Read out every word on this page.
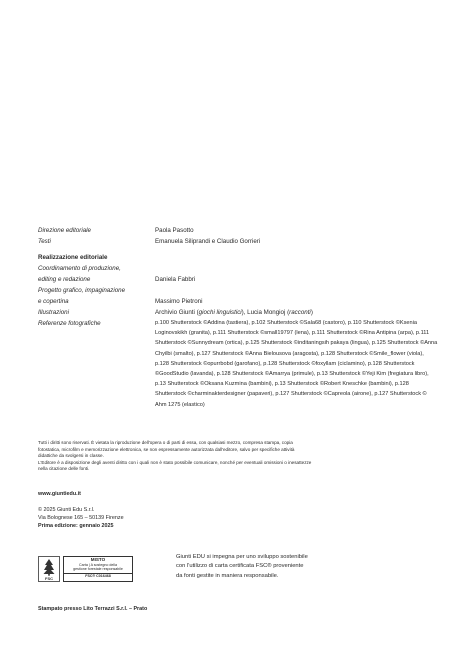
Direzione editoriale	Paola Pasotto
Testi	Emanuela Siliprandi e Claudio Gorrieri
Realizzazione editoriale
Coordinamento di produzione,
editing e redazione	Daniela Fabbri
Progetto grafico, impaginazione
e copertina	Massimo Pietroni
Illustrazioni	Archivio Giunti (giochi linguistici), Lucia Mongioj (racconti)
Referenze fotografiche	p.100 Shutterstock ©Addina (tastiera), p.102 Shutterstock ©Sala68 (castoro), p.110 Shutterstock ©Ksenia Loginovskikh (granita), p.111 Shutterstock ©small19797 (lena), p.111 Shutterstock ©Rina Antipina (arpa), p.111 Shutterstock ©Sunnydream (ortica), p.125 Shutterstock ©inditaningsih pakaya (lingua), p.125 Shutterstock ©Anna Chyilbi (smalto), p.127 Shutterstock ©Anna Bielousova (aragosta), p.128 Shutterstock ©Smile_flower (viola), p.128 Shutterstock ©opurrbobd (garofano), p.128 Shutterstock ©foxyllam (ciclamino), p.128 Shutterstock ©GoodStudio (lavanda), p.128 Shutterstock ©Amarrya (primule), p.13 Shutterstock ©Yeji Kim (fregiatura libro), p.13 Shutterstock ©Oksana Kuzmina (bambini), p.13 Shutterstock ©Robert Kneschke (bambini), p.128 Shutterstock ©charminakterdesigner (papaveri), p.127 Shutterstock ©Capreola (airone), p.127 Shutterstock © Ahm 1275 (elastico)
Tutti i diritti sono riservati. È vietata la riproduzione dell'opera o di parti di essa, con qualsiasi mezzo, compresa stampa, copia
fotostatica, microfilm e memorizzazione elettronica, se non espressamente autorizzata dall'editore, salvo per specifiche attività
didattiche da svolgersi in classe.
L'Editore è a disposizione degli aventi diritto con i quali non è stato possibile comunicare, nonché per eventuali omissioni o inesattezze
nella citazione delle fonti.
www.giuntiedu.it
© 2025 Giunti Edu S.r.l.
Via Bolognese 165 – 50139 Firenze
Prima edizione: gennaio 2025
FSC
MISTO
Carta | A sostegno della
gestione forestale responsabile
FSC® C016468
Giunti EDU si impegna per uno sviluppo sostenibile
con l'utilizzo di carta certificata FSC® proveniente
da fonti gestite in maniera responsabile.
Stampato presso Lito Terrazzi S.r.l. – Prato
